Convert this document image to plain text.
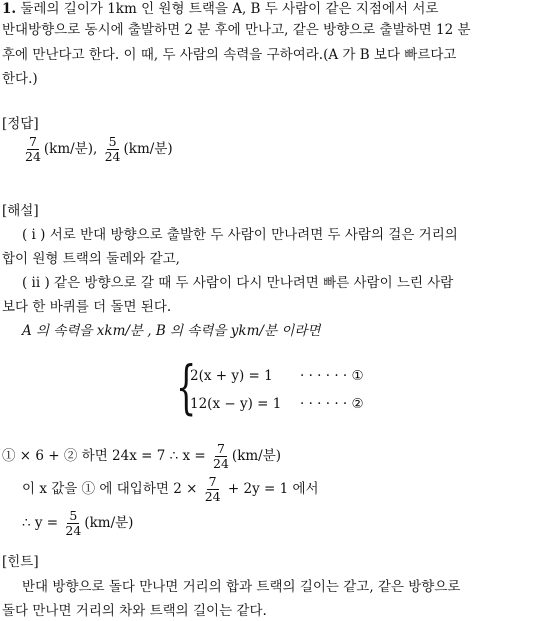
1. 둘레의 길이가 1km 인 원형 트랙을 A, B 두 사람이 같은 지점에서 서로
반대방향으로 동시에 출발하면 2 분 후에 만나고, 같은 방향으로 출발하면 12 분
후에 만난다고 한다. 이 때, 두 사람의 속력을 구하여라.(A 가 B 보다 빠르다고
한다.)
[정답]
$\frac{7}{24} (km/$분), $\frac{5}{24} (km/$분)
[해설]
( i ) 서로 반대 방향으로 출발한 두 사람이 만나려면 두 사람의 걸은 거리의
합이 원형 트랙의 둘레와 같고,
( ii ) 같은 방향으로 갈 때 두 사람이 다시 만나려면 빠른 사람이 느린 사람
보다 한 바퀴를 더 돌면 된다.
A 의 속력을 xkm/분 , B 의 속력을 ykm/분 이라면
{
2(x + y) = 1 · · · · · · ①
12(x − y) = 1 · · · · · · ②
① × 6 + ② 하면 24x = 7 ∴ $x = \frac{7}{24} (km/$분)
이 x 값을 ① 에 대입하면 $2 \times \frac{7}{24} + 2y = 1$ 에서
∴ $y = \frac{5}{24} (km/$분)
[힌트]
반대 방향으로 돌다 만나면 거리의 합과 트랙의 길이는 같고, 같은 방향으로
돌다 만나면 거리의 차와 트랙의 길이는 같다.
